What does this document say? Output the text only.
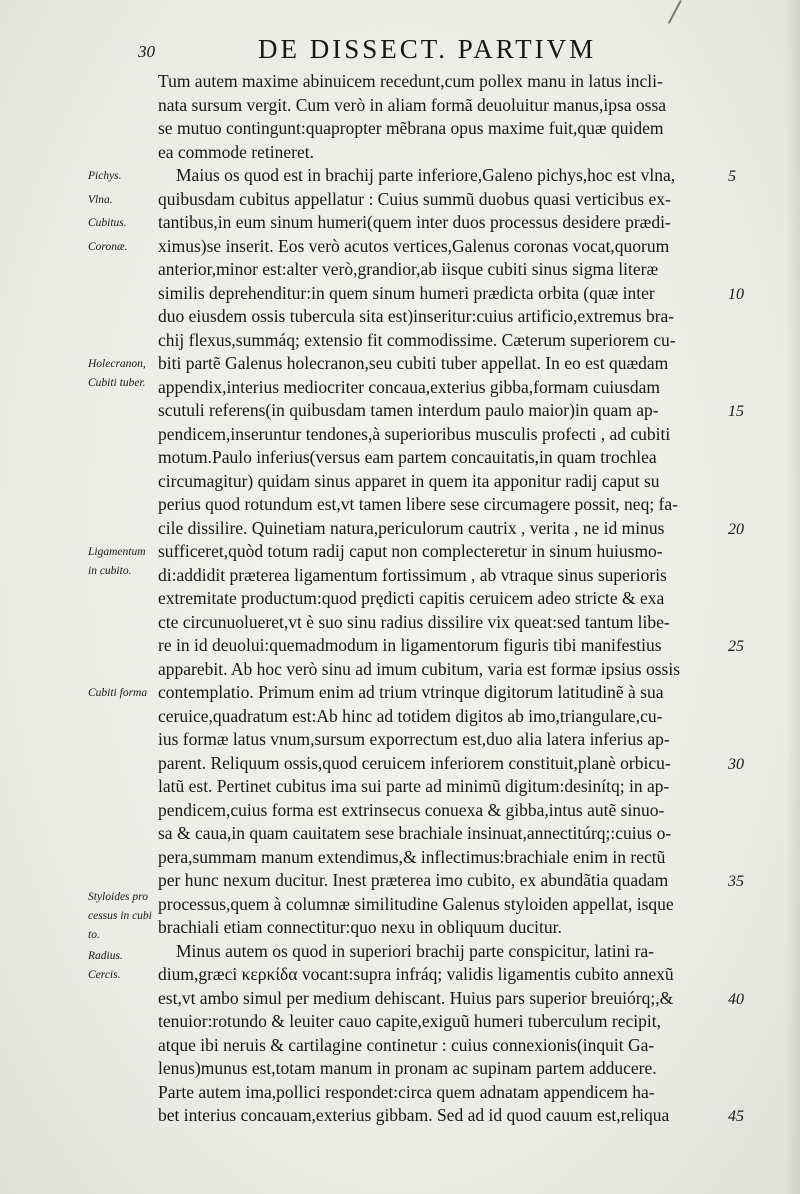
30	DE DISSECT. PARTIVM
Tum autem maxime abinuicem recedunt,cum pollex manu in latus incli-
nata sursum vergit. Cum verò in aliam formã deuoluitur manus,ipsa ossa
se mutuo contingunt:quapropter mẽbrana opus maxime fuit,quæ quidem
ea commode retineret.
Maius os quod est in brachij parte inferiore,Galeno pichys,hoc est vlna,
quibusdam cubitus appellatur : Cuius summũ duobus quasi verticibus ex-
tantibus,in eum sinum humeri(quem inter duos processus desidere prædi-
ximus)se inserit. Eos verò acutos vertices,Galenus coronas vocat,quorum
anterior,minor est:alter verò,grandior,ab iisque cubiti sinus sigma literæ
similis deprehenditur:in quem sinum humeri prædicta orbita (quæ inter
duo eiusdem ossis tubercula sita est)inseritur:cuius artificio,extremus bra-
chij flexus,summáq; extensio fit commodissime. Cæterum superiorem cu-
biti partẽ Galenus holecranon,seu cubiti tuber appellat. In eo est quædam
appendix,interius mediocriter concaua,exterius gibba,formam cuiusdam
scutuli referens(in quibusdam tamen interdum paulo maior)in quam ap-
pendicem,inseruntur tendones,à superioribus musculis profecti , ad cubiti
motum.Paulo inferius(versus eam partem concauitatis,in quam trochlea
circumagitur) quidam sinus apparet in quem ita apponitur radij caput su
perius quod rotundum est,vt tamen libere sese circumagere possit, neq; fa-
cile dissilire. Quinetiam natura,periculorum cautrix , verita , ne id minus
sufficeret,quòd totum radij caput non complecteretur in sinum huiusmo-
di:addidit præterea ligamentum fortissimum , ab vtraque sinus superioris
extremitate productum:quod prędicti capitis ceruicem adeo stricte & exa
cte circunuolueret,vt è suo sinu radius dissilire vix queat:sed tantum libe-
re in id deuolui:quemadmodum in ligamentorum figuris tibi manifestius
apparebit. Ab hoc verò sinu ad imum cubitum, varia est formæ ipsius ossis
contemplatio. Primum enim ad trium vtrinque digitorum latitudinẽ à sua
ceruice,quadratum est:Ab hinc ad totidem digitos ab imo,triangulare,cu-
ius formæ latus vnum,sursum exporrectum est,duo alia latera inferius ap-
parent. Reliquum ossis,quod ceruicem inferiorem constituit,planè orbicu-
latũ est. Pertinet cubitus ima sui parte ad minimũ digitum:desinítq; in ap-
pendicem,cuius forma est extrinsecus conuexa & gibba,intus autẽ sinuo-
sa & caua,in quam cauitatem sese brachiale insinuat,annectitúrq;:cuius o-
pera,summam manum extendimus,& inflectimus:brachiale enim in rectũ
per hunc nexum ducitur. Inest præterea imo cubito, ex abundãtia quadam
processus,quem à columnæ similitudine Galenus styloiden appellat, isque
brachiali etiam connectitur:quo nexu in obliquum ducitur.
Minus autem os quod in superiori brachij parte conspicitur, latini ra-
dium,græci κερκίδα vocant:supra infráq; validis ligamentis cubito annexũ
est,vt ambo simul per medium dehiscant. Huius pars superior breuiórq;,&
tenuior:rotundo & leuiter cauo capite,exiguũ humeri tuberculum recipit,
atque ibi neruis & cartilagine continetur : cuius connexionis(inquit Ga-
lenus)munus est,totam manum in pronam ac supinam partem adducere.
Parte autem ima,pollici respondet:circa quem adnatam appendicem ha-
bet interius concauam,exterius gibbam. Sed ad id quod cauum est,reliqua
Pichys.
Vlna.
Cubitus.
Coronæ.
Holecranon,
Cubiti tuber.
Ligamentum
in cubito.
Cubiti forma
Styloides pro
cessus in cubi
to.
Radius.
Cercis.
5
10
15
20
25
30
35
40
45
